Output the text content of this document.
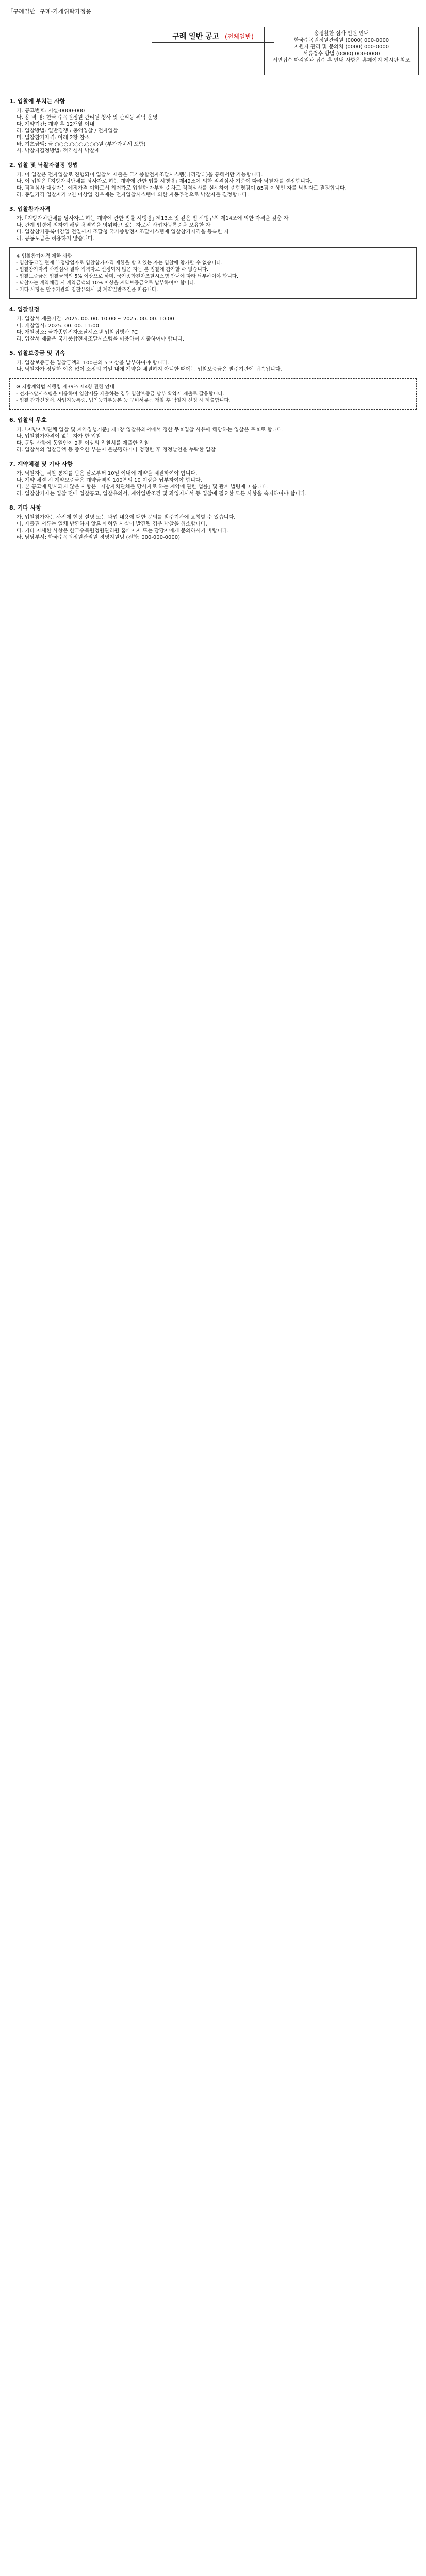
｢구례일반｣ 구례-가게위탁가정용
구례 일반 공고 (전체일반)	총평활한 심사 인원 안내
한국수목원정원관리원 (0000) 000-0000
지원자 관리 및 문의처 (0000) 000-0000
서류접수 방법 (0000) 000-0000
서면접수 마감일과 접수 후 안내 사항은 홈페이지 게시판 참조
1. 입찰에 부치는 사항
가. 공고번호: 시설-0000-000
나. 용 역 명: 한국 수목원정원 관리원 청사 및 관리동 위탁 운영
다. 계약기간: 계약 후 12개월 이내
라. 입찰방법: 일반경쟁 / 총액입찰 / 전자입찰
마. 입찰참가자격: 아래 2항 참조
바. 기초금액: 금 ○○○,○○○,○○○원 (부가가치세 포함)
사. 낙찰자결정방법: 적격심사 낙찰제
2. 입찰 및 낙찰자결정 방법
가. 이 입찰은 전자입찰로 진행되며 입찰서 제출은 국가종합전자조달시스템(나라장터)을 통해서만 가능합니다.
나. 이 입찰은 ｢지방자치단체를 당사자로 하는 계약에 관한 법률 시행령｣ 제42조에 의한 적격심사 기준에 따라 낙찰자를 결정합니다.
다. 적격심사 대상자는 예정가격 이하로서 최저가로 입찰한 자부터 순차로 적격심사를 실시하여 종합평점이 85점 이상인 자를 낙찰자로 결정합니다.
라. 동일가격 입찰자가 2인 이상일 경우에는 전자입찰시스템에 의한 자동추첨으로 낙찰자를 결정합니다.
3. 입찰참가자격
가. ｢지방자치단체를 당사자로 하는 계약에 관한 법률 시행령｣ 제13조 및 같은 법 시행규칙 제14조에 의한 자격을 갖춘 자
나. 관계 법령에 의하여 해당 용역업을 영위하고 있는 자로서 사업자등록증을 보유한 자
다. 입찰참가등록마감일 전일까지 조달청 국가종합전자조달시스템에 입찰참가자격을 등록한 자
라. 공동도급은 허용하지 않습니다.
※ 입찰참가자격 제한 사항
- 입찰공고일 현재 부정당업자로 입찰참가자격 제한을 받고 있는 자는 입찰에 참가할 수 없습니다.
- 입찰참가자격 사전심사 결과 적격자로 선정되지 않은 자는 본 입찰에 참가할 수 없습니다.
- 입찰보증금은 입찰금액의 5% 이상으로 하며, 국가종합전자조달시스템 안내에 따라 납부하여야 합니다.
- 낙찰자는 계약체결 시 계약금액의 10% 이상을 계약보증금으로 납부하여야 합니다.
- 기타 사항은 발주기관의 입찰유의서 및 계약일반조건을 따릅니다.
4. 입찰일정
가. 입찰서 제출기간: 2025. 00. 00. 10:00 ~ 2025. 00. 00. 10:00
나. 개찰일시: 2025. 00. 00. 11:00
다. 개찰장소: 국가종합전자조달시스템 입찰집행관 PC
라. 입찰서 제출은 국가종합전자조달시스템을 이용하여 제출하여야 합니다.
5. 입찰보증금 및 귀속
가. 입찰보증금은 입찰금액의 100분의 5 이상을 납부하여야 합니다.
나. 낙찰자가 정당한 이유 없이 소정의 기일 내에 계약을 체결하지 아니한 때에는 입찰보증금은 발주기관에 귀속됩니다.
※ 지방계약법 시행령 제39조 제4항 관련 안내
- 전자조달시스템을 이용하여 입찰서를 제출하는 경우 입찰보증금 납부 확약서 제출로 갈음합니다.
- 입찰 참가신청서, 사업자등록증, 법인등기부등본 등 구비서류는 개찰 후 낙찰자 선정 시 제출합니다.
6. 입찰의 무효
가. ｢지방자치단체 입찰 및 계약집행기준｣ 제1장 입찰유의서에서 정한 무효입찰 사유에 해당하는 입찰은 무효로 합니다.
나. 입찰참가자격이 없는 자가 한 입찰
다. 동일 사항에 동일인이 2통 이상의 입찰서를 제출한 입찰
라. 입찰서의 입찰금액 등 중요한 부분이 불분명하거나 정정한 후 정정날인을 누락한 입찰
7. 계약체결 및 기타 사항
가. 낙찰자는 낙찰 통지를 받은 날로부터 10일 이내에 계약을 체결하여야 합니다.
나. 계약 체결 시 계약보증금은 계약금액의 100분의 10 이상을 납부하여야 합니다.
다. 본 공고에 명시되지 않은 사항은 ｢지방자치단체를 당사자로 하는 계약에 관한 법률｣ 및 관계 법령에 따릅니다.
라. 입찰참가자는 입찰 전에 입찰공고, 입찰유의서, 계약일반조건 및 과업지시서 등 입찰에 필요한 모든 사항을 숙지하여야 합니다.
8. 기타 사항
가. 입찰참가자는 사전에 현장 설명 또는 과업 내용에 대한 문의를 발주기관에 요청할 수 있습니다.
나. 제출된 서류는 일체 반환하지 않으며 허위 사실이 발견될 경우 낙찰을 취소합니다.
다. 기타 자세한 사항은 한국수목원정원관리원 홈페이지 또는 담당자에게 문의하시기 바랍니다.
라. 담당부서: 한국수목원정원관리원 경영지원팀 (전화: 000-000-0000)
